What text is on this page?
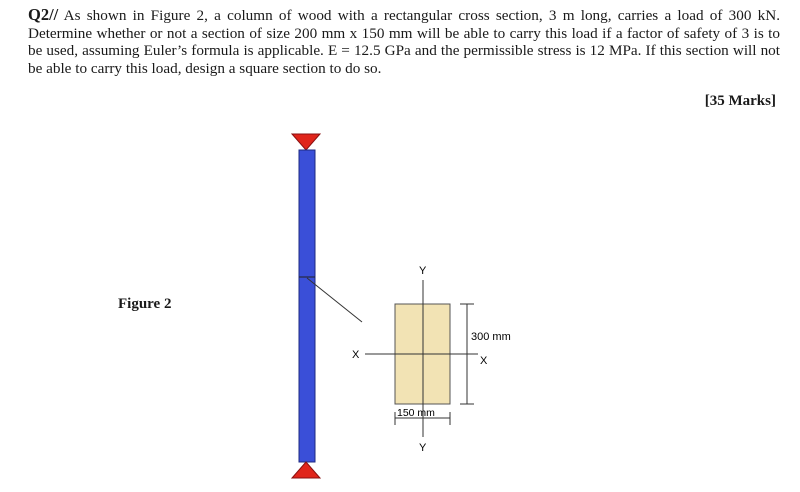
Q2// As shown in Figure 2, a column of wood with a rectangular cross section, 3 m long, carries a load of 300 kN. Determine whether or not a section of size 200 mm x 150 mm will be able to carry this load if a factor of safety of 3 is to be used, assuming Euler’s formula is applicable. E = 12.5 GPa and the permissible stress is 12 MPa. If this section will not be able to carry this load, design a square section to do so.

[35 Marks]
Figure 2
Y
Y
X	X
300 mm
150 mm
